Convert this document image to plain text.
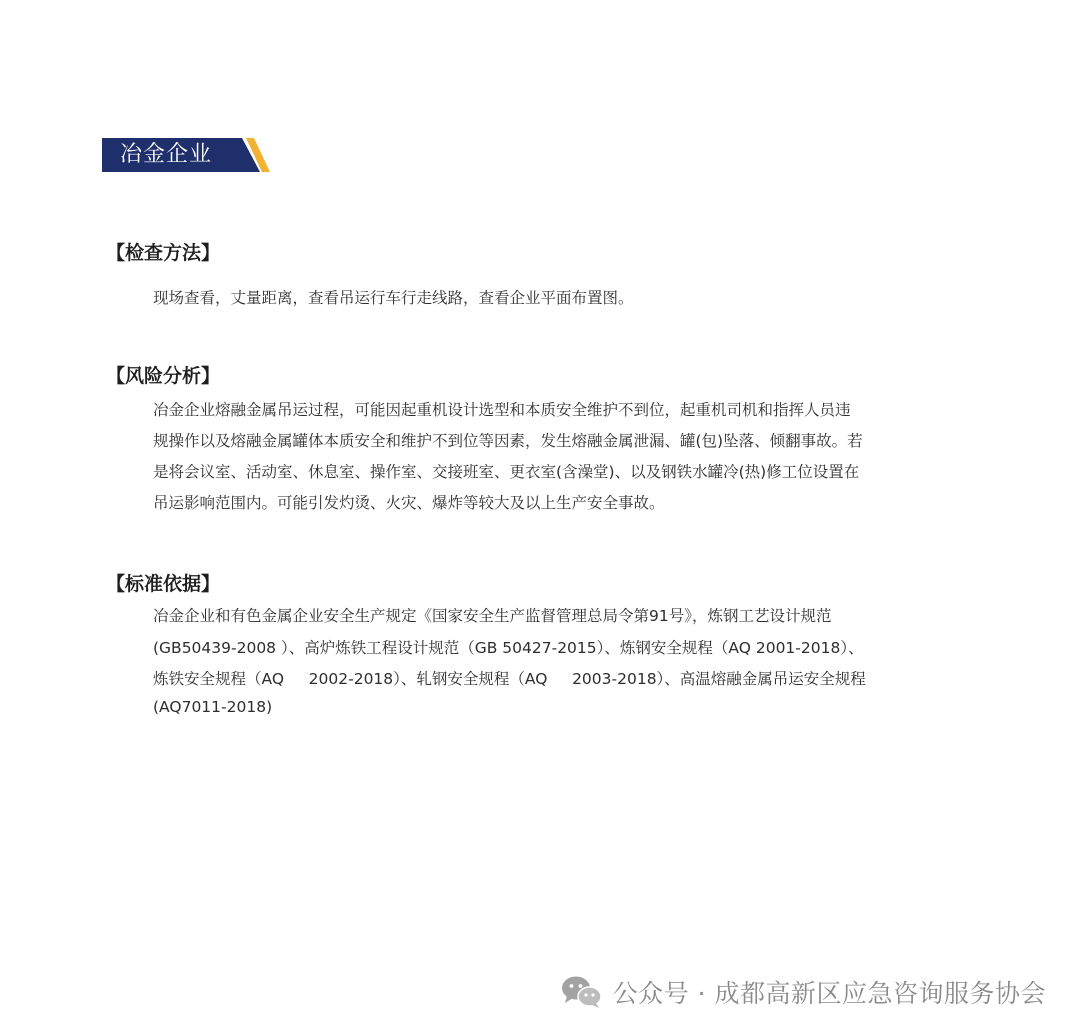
冶金企业
【检查方法】
现场查看，丈量距离，查看吊运行车行走线路，查看企业平面布置图。
【风险分析】
冶金企业熔融金属吊运过程，可能因起重机设计选型和本质安全维护不到位，起重机司机和指挥人员违
规操作以及熔融金属罐体本质安全和维护不到位等因素，发生熔融金属泄漏、罐(包)坠落、倾翻事故。若
是将会议室、活动室、休息室、操作室、交接班室、更衣室(含澡堂)、以及钢铁水罐冷(热)修工位设置在
吊运影响范围内。可能引发灼烫、火灾、爆炸等较大及以上生产安全事故。
【标准依据】
冶金企业和有色金属企业安全生产规定《国家安全生产监督管理总局令第91号》，炼钢工艺设计规范
(GB50439-2008 ）、高炉炼铁工程设计规范（GB 50427-2015）、炼钢安全规程（AQ 2001-2018）、
炼铁安全规程（AQ     2002-2018）、轧钢安全规程（AQ     2003-2018）、高温熔融金属吊运安全规程
(AQ7011-2018)
公众号 · 成都高新区应急咨询服务协会
